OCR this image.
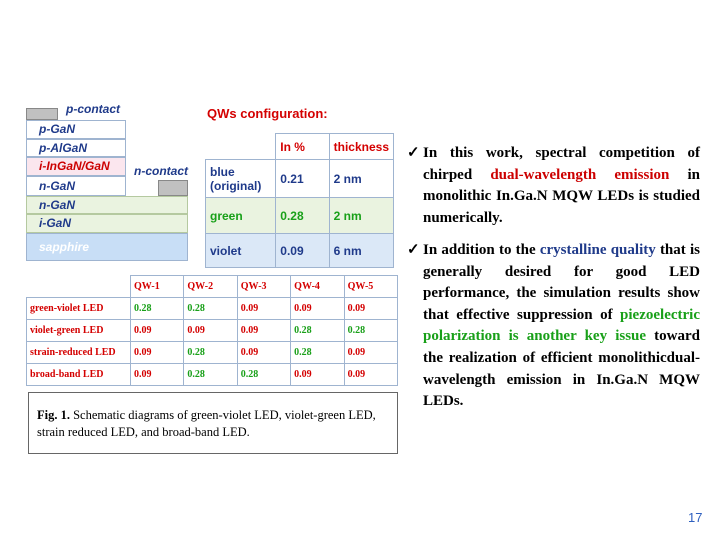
p-contact
p-GaN
p-AlGaN
i-InGaN/GaN
n-GaN
n-contact
n-GaN
i-GaN
sapphire
QWs configuration:
	In %	thickness
blue
(original)	0.21	2 nm
green	0.28	2 nm
violet	0.09	6 nm
	QW-1	QW-2	QW-3	QW-4	QW-5
green-violet LED	0.28	0.28	0.09	0.09	0.09
violet-green LED	0.09	0.09	0.09	0.28	0.28
strain-reduced LED	0.09	0.28	0.09	0.28	0.09
broad-band LED	0.09	0.28	0.28	0.09	0.09
Fig. 1. Schematic diagrams of green-violet LED, violet-green LED, strain reduced LED, and broad-band LED.
✓ In this work, spectral competition of chirped dual-wavelength emission in monolithic In.Ga.N MQW LEDs is studied numerically.
✓ In addition to the crystalline quality that is generally desired for good LED performance, the simulation results show that effective suppression of piezoelectric polarization is another key issue toward the realization of efficient monolithicdual-wavelength emission in In.Ga.N MQW LEDs.
17
